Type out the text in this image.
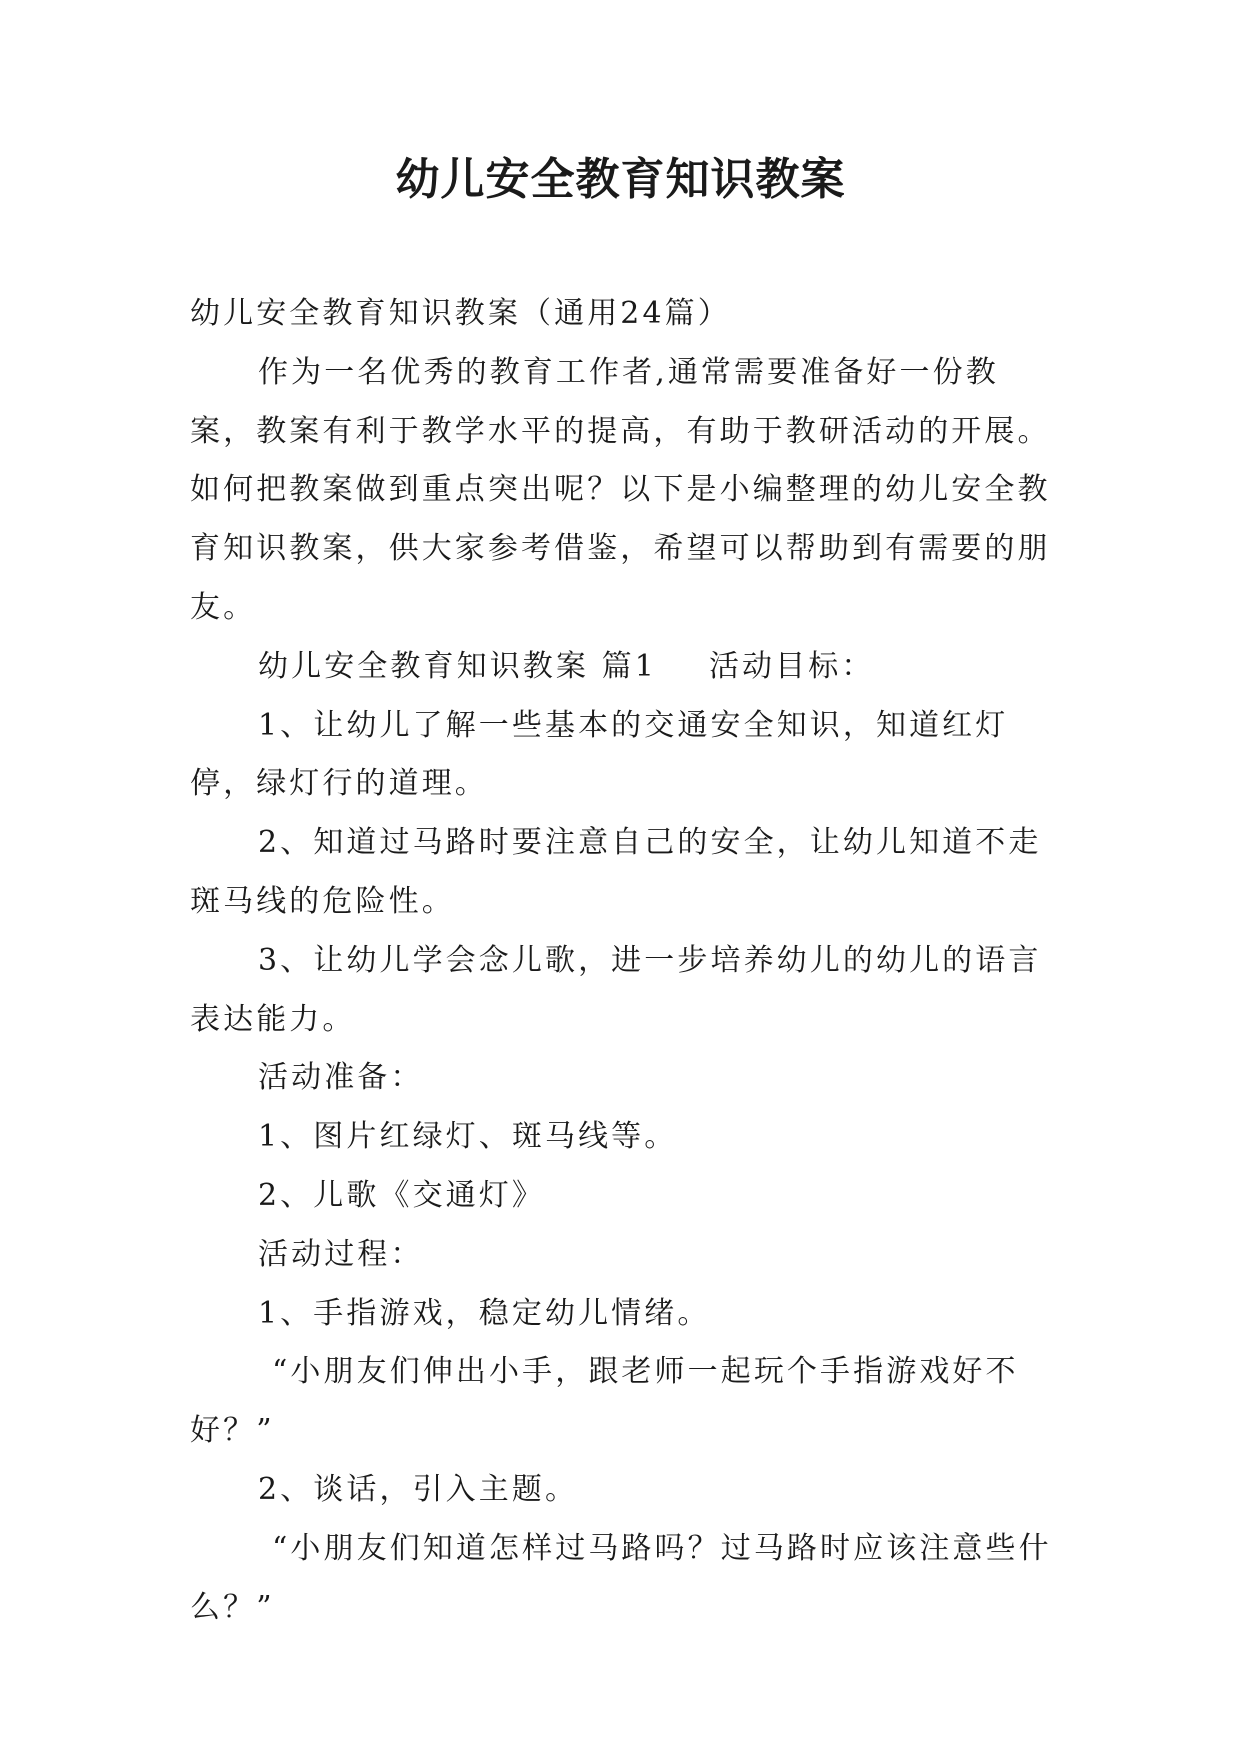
幼儿安全教育知识教案

幼儿安全教育知识教案（通用24篇）

作为一名优秀的教育工作者,通常需要准备好一份教案，教案有利于教学水平的提高，有助于教研活动的开展。如何把教案做到重点突出呢？以下是小编整理的幼儿安全教育知识教案，供大家参考借鉴，希望可以帮助到有需要的朋友。

幼儿安全教育知识教案 篇1 活动目标：

1、让幼儿了解一些基本的交通安全知识，知道红灯停，绿灯行的道理。

2、知道过马路时要注意自己的安全，让幼儿知道不走斑马线的危险性。

3、让幼儿学会念儿歌，进一步培养幼儿的幼儿的语言表达能力。

活动准备：

1、图片红绿灯、斑马线等。

2、儿歌《交通灯》

活动过程：

1、手指游戏，稳定幼儿情绪。

“小朋友们伸出小手，跟老师一起玩个手指游戏好不好？”

2、谈话，引入主题。

“小朋友们知道怎样过马路吗？过马路时应该注意些什么？”
